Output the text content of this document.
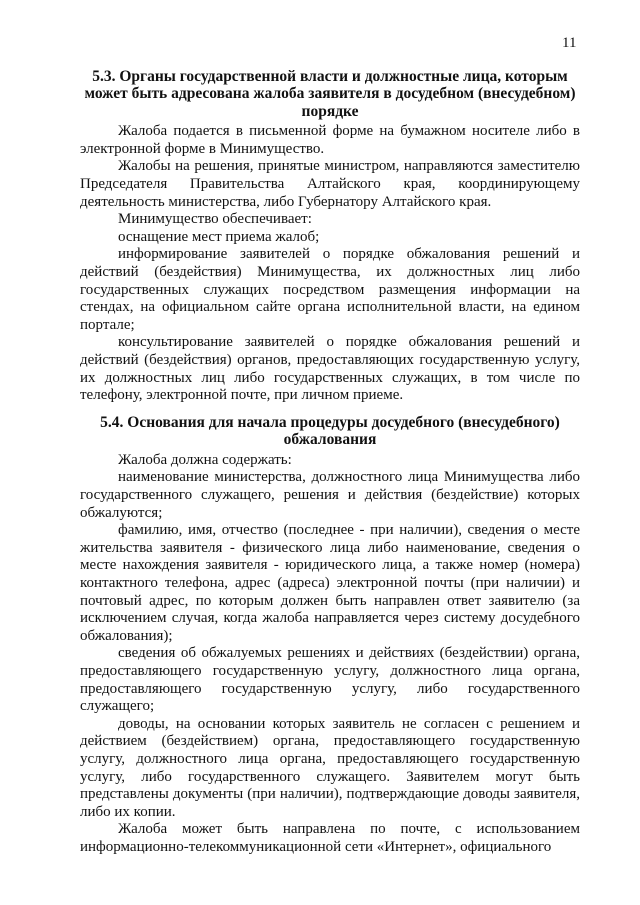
11
5.3. Органы государственной власти и должностные лица, которым
может быть адресована жалоба заявителя в досудебном (внесудебном)
порядке

Жалоба подается в письменной форме на бумажном носителе либо в электронной форме в Минимущество.

Жалобы на решения, принятые министром, направляются заместителю Председателя Правительства Алтайского края, координирующему деятельность министерства, либо Губернатору Алтайского края.

Минимущество обеспечивает:

оснащение мест приема жалоб;

информирование заявителей о порядке обжалования решений и действий (бездействия) Минимущества, их должностных лиц либо государственных служащих посредством размещения информации на стендах, на официальном сайте органа исполнительной власти, на едином портале;

консультирование заявителей о порядке обжалования решений и действий (бездействия) органов, предоставляющих государственную услугу, их должностных лиц либо государственных служащих, в том числе по телефону, электронной почте, при личном приеме.

5.4. Основания для начала процедуры досудебного (внесудебного)
обжалования

Жалоба должна содержать:

наименование министерства, должностного лица Минимущества либо государственного служащего, решения и действия (бездействие) которых обжалуются;

фамилию, имя, отчество (последнее - при наличии), сведения о месте жительства заявителя - физического лица либо наименование, сведения о месте нахождения заявителя - юридического лица, а также номер (номера) контактного телефона, адрес (адреса) электронной почты (при наличии) и почтовый адрес, по которым должен быть направлен ответ заявителю (за исключением случая, когда жалоба направляется через систему досудебного обжалования);

сведения об обжалуемых решениях и действиях (бездействии) органа, предоставляющего государственную услугу, должностного лица органа, предоставляющего государственную услугу, либо государственного служащего;

доводы, на основании которых заявитель не согласен с решением и действием (бездействием) органа, предоставляющего государственную услугу, должностного лица органа, предоставляющего государственную услугу, либо государственного служащего. Заявителем могут быть представлены документы (при наличии), подтверждающие доводы заявителя, либо их копии.

Жалоба может быть направлена по почте, с использованием информационно-телекоммуникационной сети «Интернет», официального
